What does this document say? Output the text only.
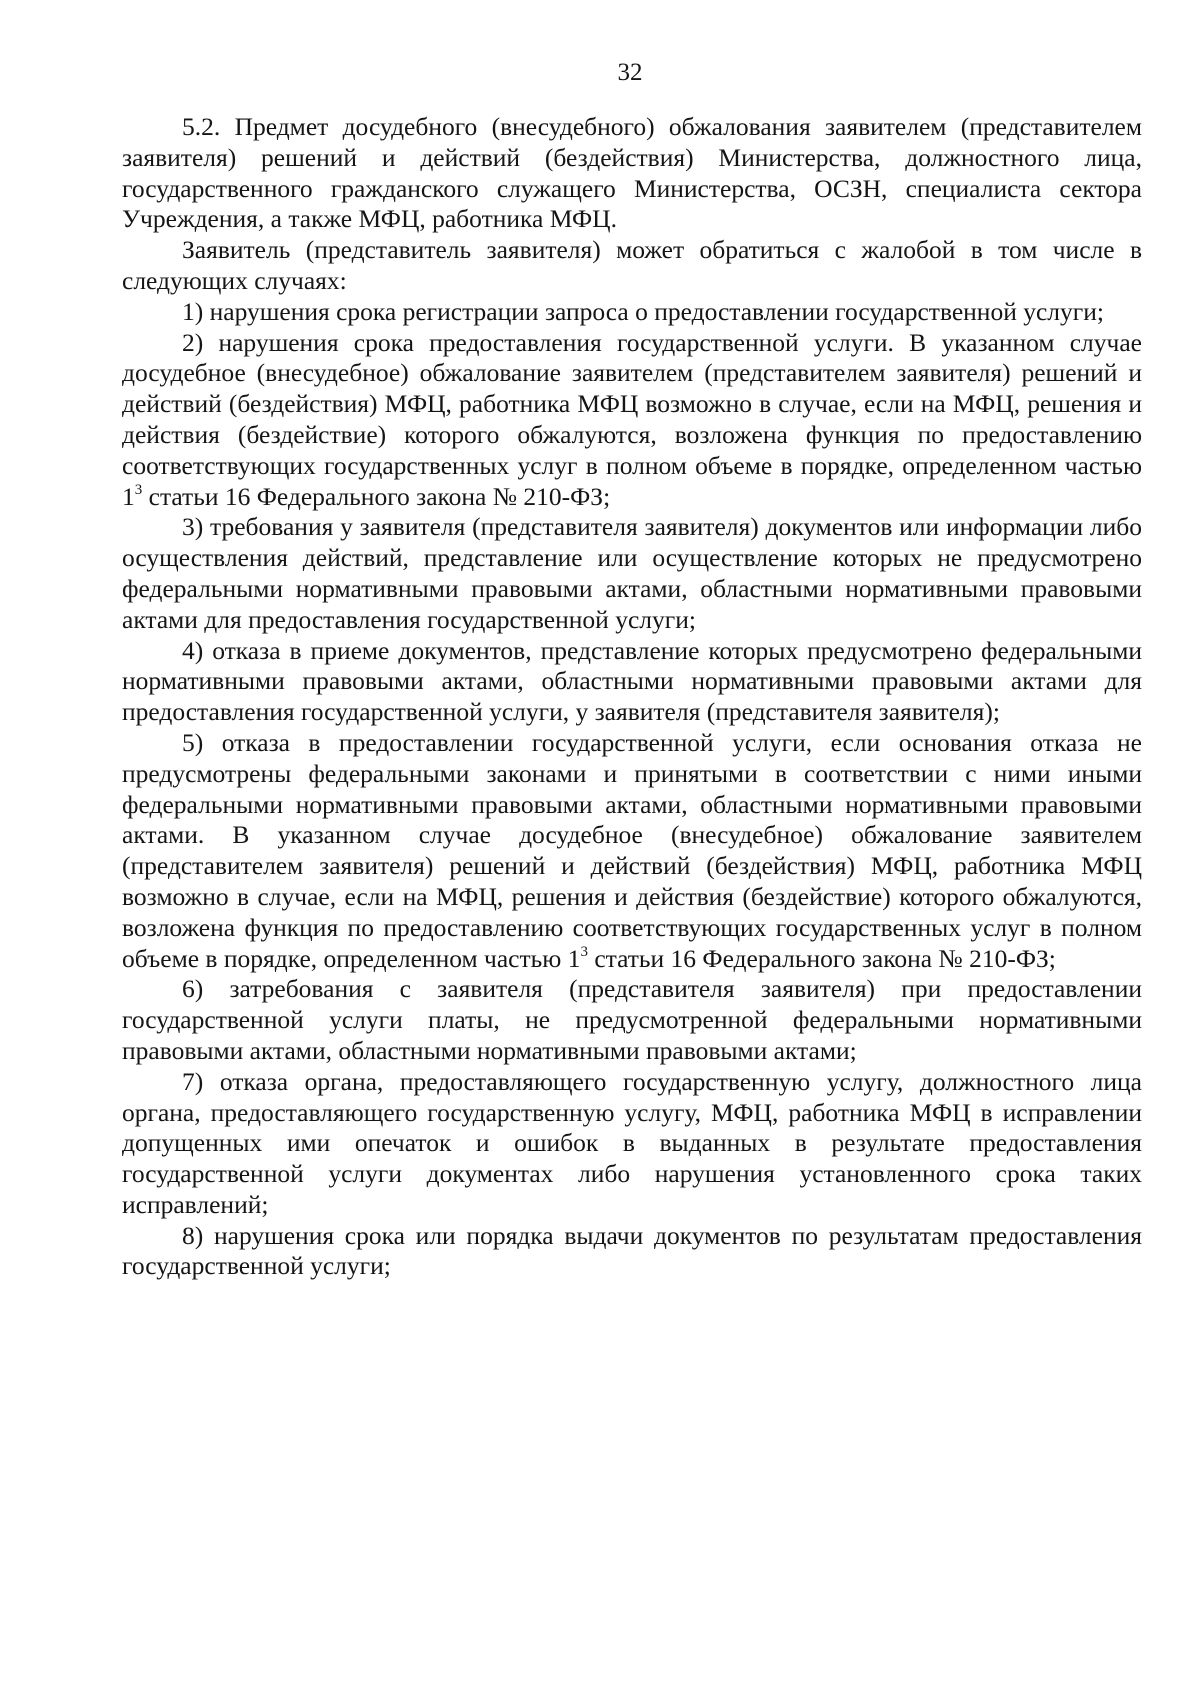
32

5.2. Предмет досудебного (внесудебного) обжалования заявителем (представителем заявителя) решений и действий (бездействия) Министерства, должностного лица, государственного гражданского служащего Министерства, ОСЗН, специалиста сектора Учреждения, а также МФЦ, работника МФЦ.

Заявитель (представитель заявителя) может обратиться с жалобой в том числе в следующих случаях:

1) нарушения срока регистрации запроса о предоставлении государственной услуги;

2) нарушения срока предоставления государственной услуги. В указанном случае досудебное (внесудебное) обжалование заявителем (представителем заявителя) решений и действий (бездействия) МФЦ, работника МФЦ возможно в случае, если на МФЦ, решения и действия (бездействие) которого обжалуются, возложена функция по предоставлению соответствующих государственных услуг в полном объеме в порядке, определенном частью $1^3$ статьи 16 Федерального закона № 210-ФЗ;

3) требования у заявителя (представителя заявителя) документов или информации либо осуществления действий, представление или осуществление которых не предусмотрено федеральными нормативными правовыми актами, областными нормативными правовыми актами для предоставления государственной услуги;

4) отказа в приеме документов, представление которых предусмотрено федеральными нормативными правовыми актами, областными нормативными правовыми актами для предоставления государственной услуги, у заявителя (представителя заявителя);

5) отказа в предоставлении государственной услуги, если основания отказа не предусмотрены федеральными законами и принятыми в соответствии с ними иными федеральными нормативными правовыми актами, областными нормативными правовыми актами. В указанном случае досудебное (внесудебное) обжалование заявителем (представителем заявителя) решений и действий (бездействия) МФЦ, работника МФЦ возможно в случае, если на МФЦ, решения и действия (бездействие) которого обжалуются, возложена функция по предоставлению соответствующих государственных услуг в полном объеме в порядке, определенном частью $1^3$ статьи 16 Федерального закона № 210-ФЗ;

6) затребования с заявителя (представителя заявителя) при предоставлении государственной услуги платы, не предусмотренной федеральными нормативными правовыми актами, областными нормативными правовыми актами;

7) отказа органа, предоставляющего государственную услугу, должностного лица органа, предоставляющего государственную услугу, МФЦ, работника МФЦ в исправлении допущенных ими опечаток и ошибок в выданных в результате предоставления государственной услуги документах либо нарушения установленного срока таких исправлений;

8) нарушения срока или порядка выдачи документов по результатам предоставления государственной услуги;
